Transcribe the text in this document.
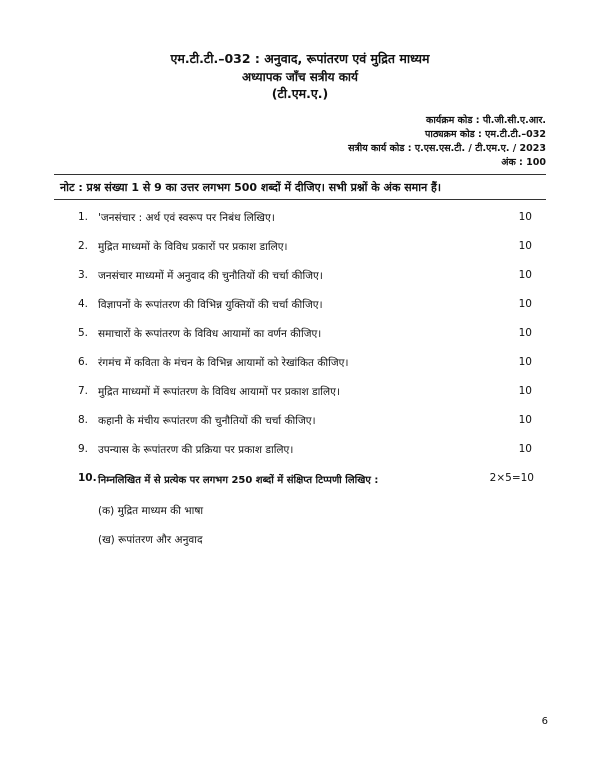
एम.टी.टी.–032 : अनुवाद, रूपांतरण एवं मुद्रित माध्यम
अध्यापक जाँच सत्रीय कार्य
(टी.एम.ए.)
कार्यक्रम कोड : पी.जी.सी.ए.आर.
पाठ्यक्रम कोड : एम.टी.टी.–032
सत्रीय कार्य कोड : ए.एस.एस.टी. / टी.एम.ए. / 2023
अंक : 100
नोट : प्रश्न संख्या 1 से 9 का उत्तर लगभग 500 शब्दों में दीजिए। सभी प्रश्नों के अंक समान हैं।
1. 'जनसंचार : अर्थ एवं स्वरूप पर निबंध लिखिए।	10
2. मुद्रित माध्यमों के विविध प्रकारों पर प्रकाश डालिए।	10
3. जनसंचार माध्यमों में अनुवाद की चुनौतियों की चर्चा कीजिए।	10
4. विज्ञापनों के रूपांतरण की विभिन्न युक्तियों की चर्चा कीजिए।	10
5. समाचारों के रूपांतरण के विविध आयामों का वर्णन कीजिए।	10
6. रंगमंच में कविता के मंचन के विभिन्न आयामों को रेखांकित कीजिए।	10
7. मुद्रित माध्यमों में रूपांतरण के विविध आयामों पर प्रकाश डालिए।	10
8. कहानी के मंचीय रूपांतरण की चुनौतियों की चर्चा कीजिए।	10
9. उपन्यास के रूपांतरण की प्रक्रिया पर प्रकाश डालिए।	10
10. निम्नलिखित में से प्रत्येक पर लगभग 250 शब्दों में संक्षिप्त टिप्पणी लिखिए :	2×5=10
(क) मुद्रित माध्यम की भाषा
(ख) रूपांतरण और अनुवाद
6
